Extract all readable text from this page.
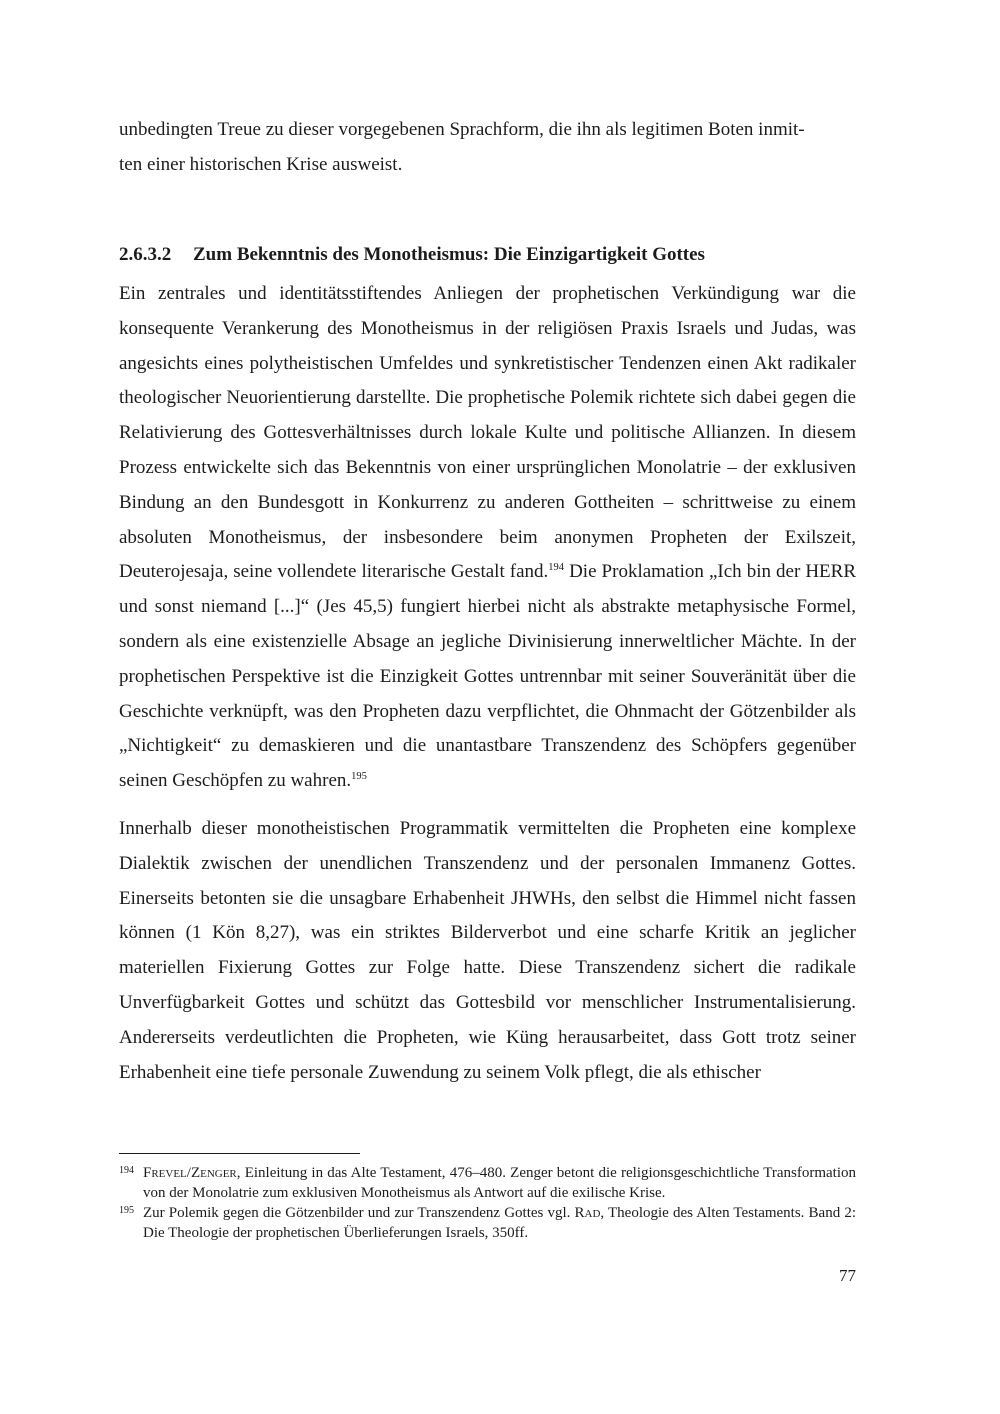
unbedingten Treue zu dieser vorgegebenen Sprachform, die ihn als legitimen Boten inmit-
ten einer historischen Krise ausweist.

2.6.3.2 Zum Bekenntnis des Monotheismus: Die Einzigartigkeit Gottes

Ein zentrales und identitätsstiftendes Anliegen der prophetischen Verkündigung war die konsequente Verankerung des Monotheismus in der religiösen Praxis Israels und Judas, was angesichts eines polytheistischen Umfeldes und synkretistischer Tendenzen einen Akt radikaler theologischer Neuorientierung darstellte. Die prophetische Polemik richtete sich dabei gegen die Relativierung des Gottesverhältnisses durch lokale Kulte und politische Allianzen. In diesem Prozess entwickelte sich das Bekenntnis von einer ursprünglichen Monolatrie – der exklusiven Bindung an den Bundesgott in Konkurrenz zu anderen Gottheiten – schrittweise zu einem absoluten Monotheismus, der insbesondere beim anonymen Propheten der Exilszeit, Deuterojesaja, seine vollendete literarische Gestalt fand.$^{194}$ Die Proklamation „Ich bin der HERR und sonst niemand [...]“ (Jes 45,5) fungiert hierbei nicht als abstrakte metaphysische Formel, sondern als eine existenzielle Absage an jegliche Divinisierung innerweltlicher Mächte. In der prophetischen Perspektive ist die Einzigkeit Gottes untrennbar mit seiner Souveränität über die Geschichte verknüpft, was den Propheten dazu verpflichtet, die Ohnmacht der Götzenbilder als „Nichtigkeit“ zu demaskieren und die unantastbare Transzendenz des Schöpfers gegenüber seinen Geschöpfen zu wahren.$^{195}$

Innerhalb dieser monotheistischen Programmatik vermittelten die Propheten eine komplexe Dialektik zwischen der unendlichen Transzendenz und der personalen Immanenz Gottes. Einerseits betonten sie die unsagbare Erhabenheit JHWHs, den selbst die Himmel nicht fassen können (1 Kön 8,27), was ein striktes Bilderverbot und eine scharfe Kritik an jeglicher materiellen Fixierung Gottes zur Folge hatte. Diese Transzendenz sichert die radikale Unverfügbarkeit Gottes und schützt das Gottesbild vor menschlicher Instrumentalisierung. Andererseits verdeutlichten die Propheten, wie Küng herausarbeitet, dass Gott trotz seiner Erhabenheit eine tiefe personale Zuwendung zu seinem Volk pflegt, die als ethischer

194 Frevel/Zenger, Einleitung in das Alte Testament, 476–480. Zenger betont die religionsgeschichtliche Transformation von der Monolatrie zum exklusiven Monotheismus als Antwort auf die exilische Krise.

195 Zur Polemik gegen die Götzenbilder und zur Transzendenz Gottes vgl. Rad, Theologie des Alten Testaments. Band 2: Die Theologie der prophetischen Überlieferungen Israels, 350ff.

77
